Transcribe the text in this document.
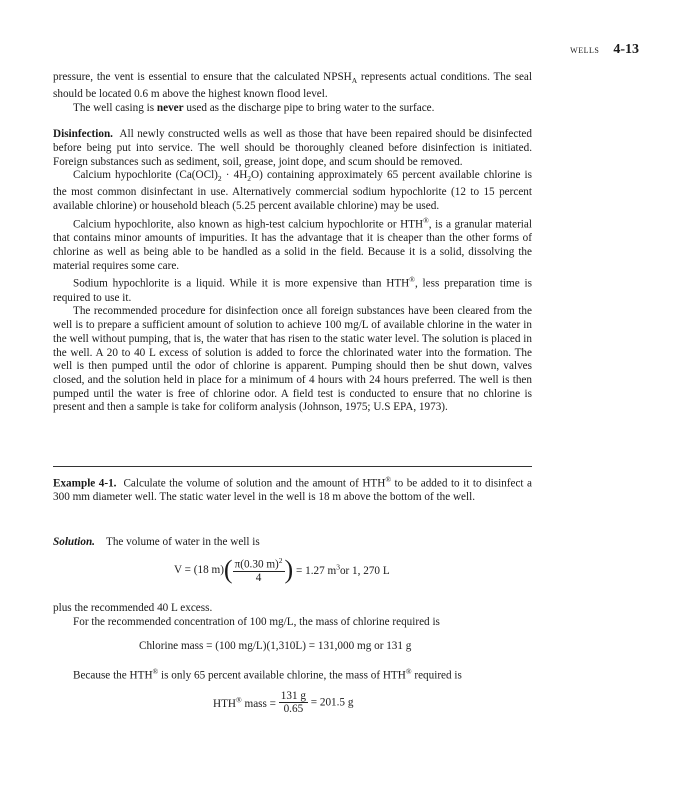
WELLS 4-13

pressure, the vent is essential to ensure that the calculated $NPSH_A$ represents actual conditions. The seal should be located 0.6 m above the highest known flood level.

The well casing is never used as the discharge pipe to bring water to the surface.

Disinfection. All newly constructed wells as well as those that have been repaired should be disinfected before being put into service. The well should be thoroughly cleaned before disinfection is initiated. Foreign substances such as sediment, soil, grease, joint dope, and scum should be removed.

Calcium hypochlorite $(Ca(OCl)_2 \cdot 4H_2O)$ containing approximately 65 percent available chlorine is the most common disinfectant in use. Alternatively commercial sodium hypochlorite (12 to 15 percent available chlorine) or household bleach (5.25 percent available chlorine) may be used.

Calcium hypochlorite, also known as high-test calcium hypochlorite or HTH®, is a granular material that contains minor amounts of impurities. It has the advantage that it is cheaper than the other forms of chlorine as well as being able to be handled as a solid in the field. Because it is a solid, dissolving the material requires some care.

Sodium hypochlorite is a liquid. While it is more expensive than HTH®, less preparation time is required to use it.

The recommended procedure for disinfection once all foreign substances have been cleared from the well is to prepare a sufficient amount of solution to achieve 100 mg/L of available chlorine in the water in the well without pumping, that is, the water that has risen to the static water level. The solution is placed in the well. A 20 to 40 L excess of solution is added to force the chlorinated water into the formation. The well is then pumped until the odor of chlorine is apparent. Pumping should then be shut down, valves closed, and the solution held in place for a minimum of 4 hours with 24 hours preferred. The well is then pumped until the water is free of chlorine odor. A field test is conducted to ensure that no chlorine is present and then a sample is take for coliform analysis (Johnson, 1975; U.S EPA, 1973).

Example 4-1. Calculate the volume of solution and the amount of HTH® to be added to it to disinfect a 300 mm diameter well. The static water level in the well is 18 m above the bottom of the well.

Solution. The volume of water in the well is
V = (18 $m)( \frac{\pi(0.30 m)^2}{4}$ ) = 1.27 $m^3or$ 1, 270 L
plus the recommended 40 L excess.
For the recommended concentration of 100 mg/L, the mass of chlorine required is
Chlorine mass = (100 mg/L)(1,310L) = 131,000 mg or 131 g
Because the HTH® is only 65 percent available chlorine, the mass of HTH® required is
HTH® mass = $\frac{131 g}{0.65} = 201.5$ g
